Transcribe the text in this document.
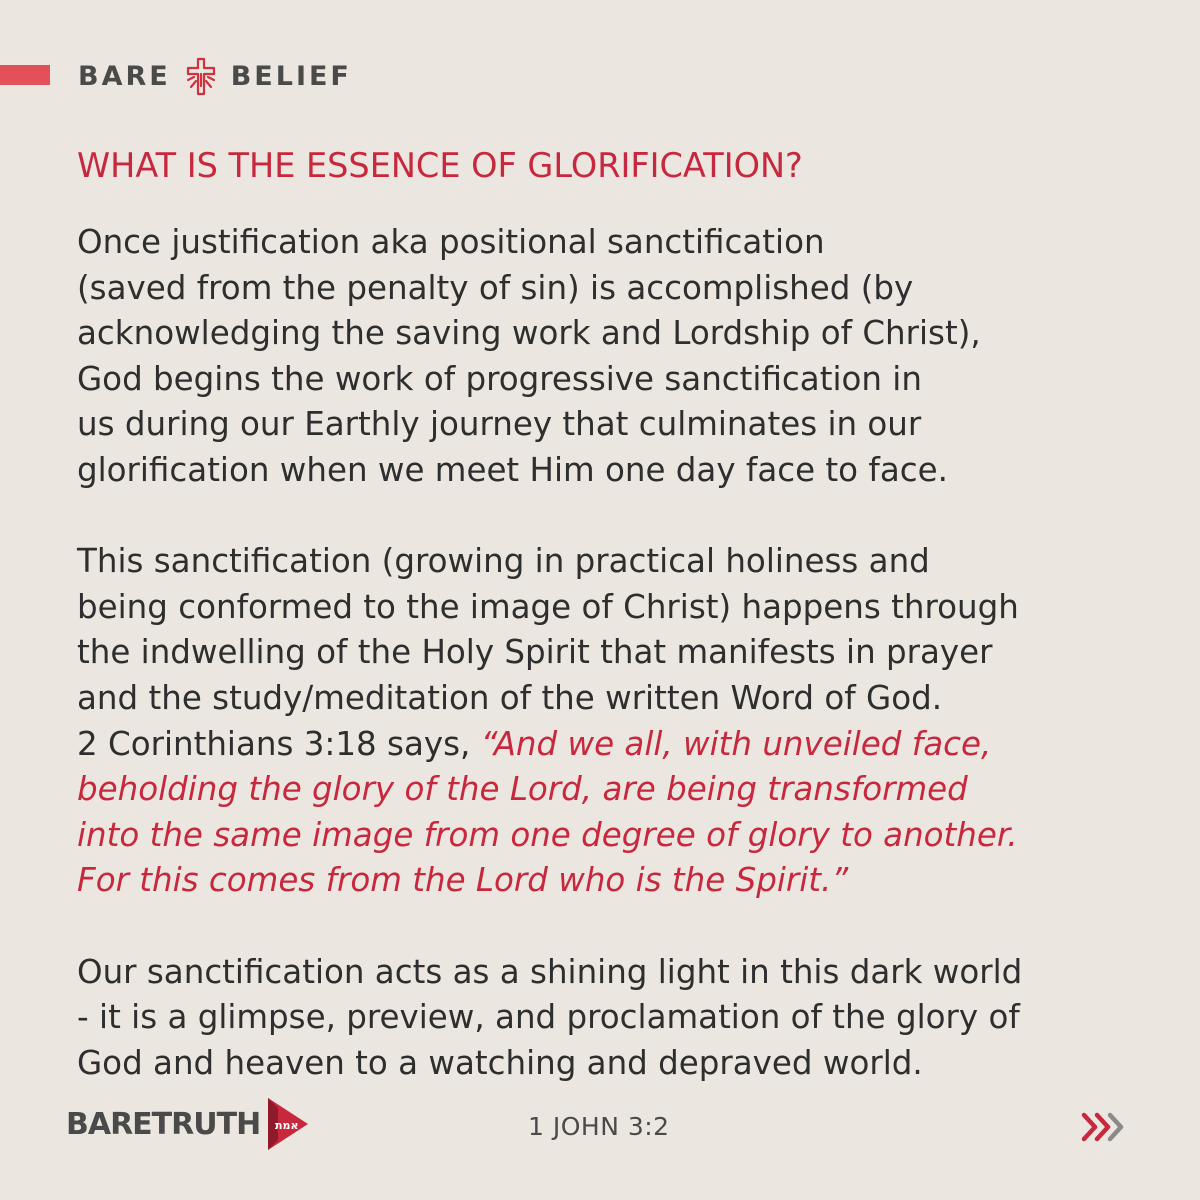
BARE BELIEF
WHAT IS THE ESSENCE OF GLORIFICATION?
Once justification aka positional sanctification
(saved from the penalty of sin) is accomplished (by
acknowledging the saving work and Lordship of Christ),
God begins the work of progressive sanctification in
us during our Earthly journey that culminates in our
glorification when we meet Him one day face to face.
This sanctification (growing in practical holiness and
being conformed to the image of Christ) happens through
the indwelling of the Holy Spirit that manifests in prayer
and the study/meditation of the written Word of God.
2 Corinthians 3:18 says, “And we all, with unveiled face,
beholding the glory of the Lord, are being transformed
into the same image from one degree of glory to another.
For this comes from the Lord who is the Spirit.”
Our sanctification acts as a shining light in this dark world
- it is a glimpse, preview, and proclamation of the glory of
God and heaven to a watching and depraved world.
BARETRUTH אמת	1 JOHN 3:2
